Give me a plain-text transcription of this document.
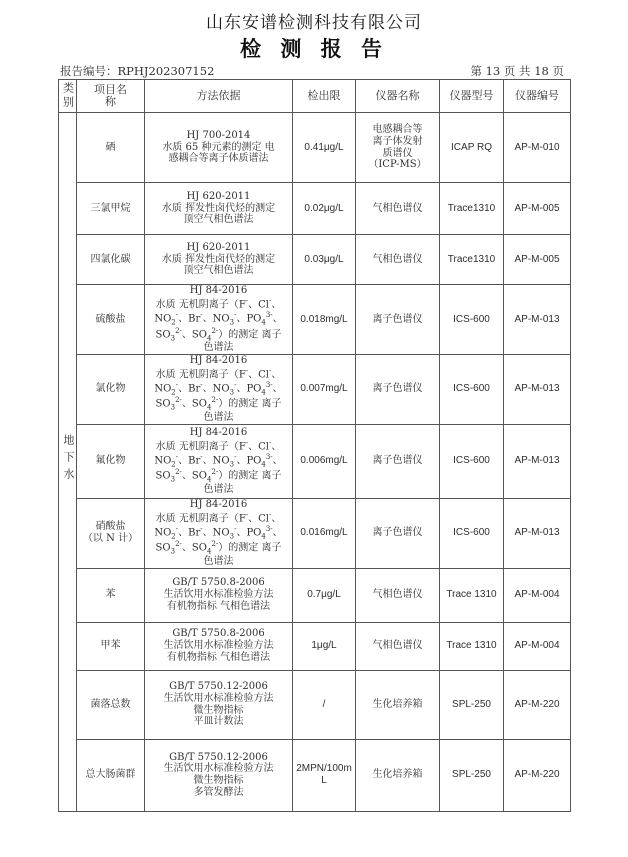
山东安谱检测科技有限公司
检 测 报 告
报告编号：RPHJ202307152	第 13 页 共 18 页
类别	项目名称	方法依据	检出限	仪器名称	仪器型号	仪器编号
地下水	硒	HJ 700-2014
水质 65 种元素的测定 电
感耦合等离子体质谱法	0.41μg/L	电感耦合等
离子体发射
质谱仪
（ICP-MS）	ICAP RQ	AP-M-010
	三氯甲烷	HJ 620-2011
水质 挥发性卤代烃的测定
顶空气相色谱法	0.02μg/L	气相色谱仪	Trace1310	AP-M-005
	四氯化碳	HJ 620-2011
水质 挥发性卤代烃的测定
顶空气相色谱法	0.03μg/L	气相色谱仪	Trace1310	AP-M-005
	硫酸盐	HJ 84-2016
水质 无机阴离子（F-、Cl-、
$NO_2^-$、Br-、$NO_3^-$、$PO_4^{3-}$、
$SO_3^{2-}$、$SO_4^{2-}$）的测定 离子
色谱法	0.018mg/L	离子色谱仪	ICS-600	AP-M-013
	氯化物	HJ 84-2016
水质 无机阴离子（F-、Cl-、
$NO_2^-$、Br-、$NO_3^-$、$PO_4^{3-}$、
$SO_3^{2-}$、$SO_4^{2-}$）的测定 离子
色谱法	0.007mg/L	离子色谱仪	ICS-600	AP-M-013
	氟化物	HJ 84-2016
水质 无机阴离子（F-、Cl-、
$NO_2^-$、Br-、$NO_3^-$、$PO_4^{3-}$、
$SO_3^{2-}$、$SO_4^{2-}$）的测定 离子
色谱法	0.006mg/L	离子色谱仪	ICS-600	AP-M-013

	硝酸盐
（以 N 计）	HJ 84-2016
水质 无机阴离子（F-、Cl-、
$NO_2^-$、Br-、$NO_3^-$、$PO_4^{3-}$、
$SO_3^{2-}$、$SO_4^{2-}$）的测定 离子
色谱法	0.016mg/L	离子色谱仪	ICS-600	AP-M-013
	苯	GB/T 5750.8-2006
生活饮用水标准检验方法
有机物指标 气相色谱法	0.7μg/L	气相色谱仪	Trace 1310	AP-M-004
	甲苯	GB/T 5750.8-2006
生活饮用水标准检验方法
有机物指标 气相色谱法	1μg/L	气相色谱仪	Trace 1310	AP-M-004
	菌落总数	GB/T 5750.12-2006
生活饮用水标准检验方法
微生物指标
平皿计数法	/	生化培养箱	SPL-250	AP-M-220
	总大肠菌群	GB/T 5750.12-2006
生活饮用水标准检验方法
微生物指标
多管发酵法	2MPN/100m
L	生化培养箱	SPL-250	AP-M-220
